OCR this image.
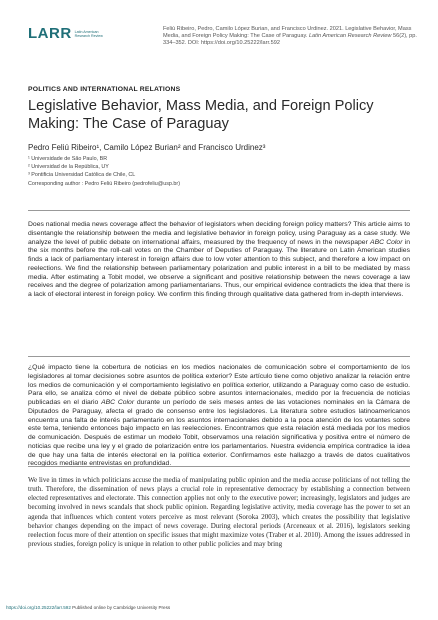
LARR Latin American Research Review
Feliú Ribeiro, Pedro, Camilo López Burian, and Francisco Urdinez. 2021. Legislative Behavior, Mass Media, and Foreign Policy Making: The Case of Paraguay. Latin American Research Review 56(2), pp. 334–352. DOI: https://doi.org/10.25222/larr.592
POLITICS AND INTERNATIONAL RELATIONS
Legislative Behavior, Mass Media, and Foreign Policy Making: The Case of Paraguay
Pedro Feliú Ribeiro¹, Camilo López Burian² and Francisco Urdinez³
¹ Universidade de São Paulo, BR
² Universidad de la República, UY
³ Pontificia Universidad Católica de Chile, CL
Corresponding author : Pedro Feliú Ribeiro (pedrofeliu@usp.br)
Does national media news coverage affect the behavior of legislators when deciding foreign policy matters? This article aims to disentangle the relationship between the media and legislative behavior in foreign policy, using Paraguay as a case study. We analyze the level of public debate on international affairs, measured by the frequency of news in the newspaper ABC Color in the six months before the roll-call votes on the Chamber of Deputies of Paraguay. The literature on Latin American studies finds a lack of parliamentary interest in foreign affairs due to low voter attention to this subject, and therefore a low impact on reelections. We find the relationship between parliamentary polarization and public interest in a bill to be mediated by mass media. After estimating a Tobit model, we observe a significant and positive relationship between the news coverage a law receives and the degree of polarization among parliamentarians. Thus, our empirical evidence contradicts the idea that there is a lack of electoral interest in foreign policy. We confirm this finding through qualitative data gathered from in-depth interviews.
¿Qué impacto tiene la cobertura de noticias en los medios nacionales de comunicación sobre el comportamiento de los legisladores al tomar decisiones sobre asuntos de política exterior? Este artículo tiene como objetivo analizar la relación entre los medios de comunicación y el comportamiento legislativo en política exterior, utilizando a Paraguay como caso de estudio. Para ello, se analiza cómo el nivel de debate público sobre asuntos internacionales, medido por la frecuencia de noticias publicadas en el diario ABC Color durante un período de seis meses antes de las votaciones nominales en la Cámara de Diputados de Paraguay, afecta el grado de consenso entre los legisladores. La literatura sobre estudios latinoamericanos encuentra una falta de interés parlamentario en los asuntos internacionales debido a la poca atención de los votantes sobre este tema, teniendo entonces bajo impacto en las reelecciones. Encontramos que esta relación está mediada por los medios de comunicación. Después de estimar un modelo Tobit, observamos una relación significativa y positiva entre el número de noticias que recibe una ley y el grado de polarización entre los parlamentarios. Nuestra evidencia empírica contradice la idea de que hay una falta de interés electoral en la política exterior. Confirmamos este hallazgo a través de datos cualitativos recogidos mediante entrevistas en profundidad.
We live in times in which politicians accuse the media of manipulating public opinion and the media accuse politicians of not telling the truth. Therefore, the dissemination of news plays a crucial role in representative democracy by establishing a connection between elected representatives and electorate. This connection applies not only to the executive power; increasingly, legislators and judges are becoming involved in news scandals that shock public opinion. Regarding legislative activity, media coverage has the power to set an agenda that influences which content voters perceive as most relevant (Soroka 2003), which creates the possibility that legislative behavior changes depending on the impact of news coverage. During electoral periods (Arceneaux et al. 2016), legislators seeking reelection focus more of their attention on specific issues that might maximize votes (Traber et al. 2010). Among the issues addressed in previous studies, foreign policy is unique in relation to other public policies and may bring
https://doi.org/10.25222/larr.592 Published online by Cambridge University Press
